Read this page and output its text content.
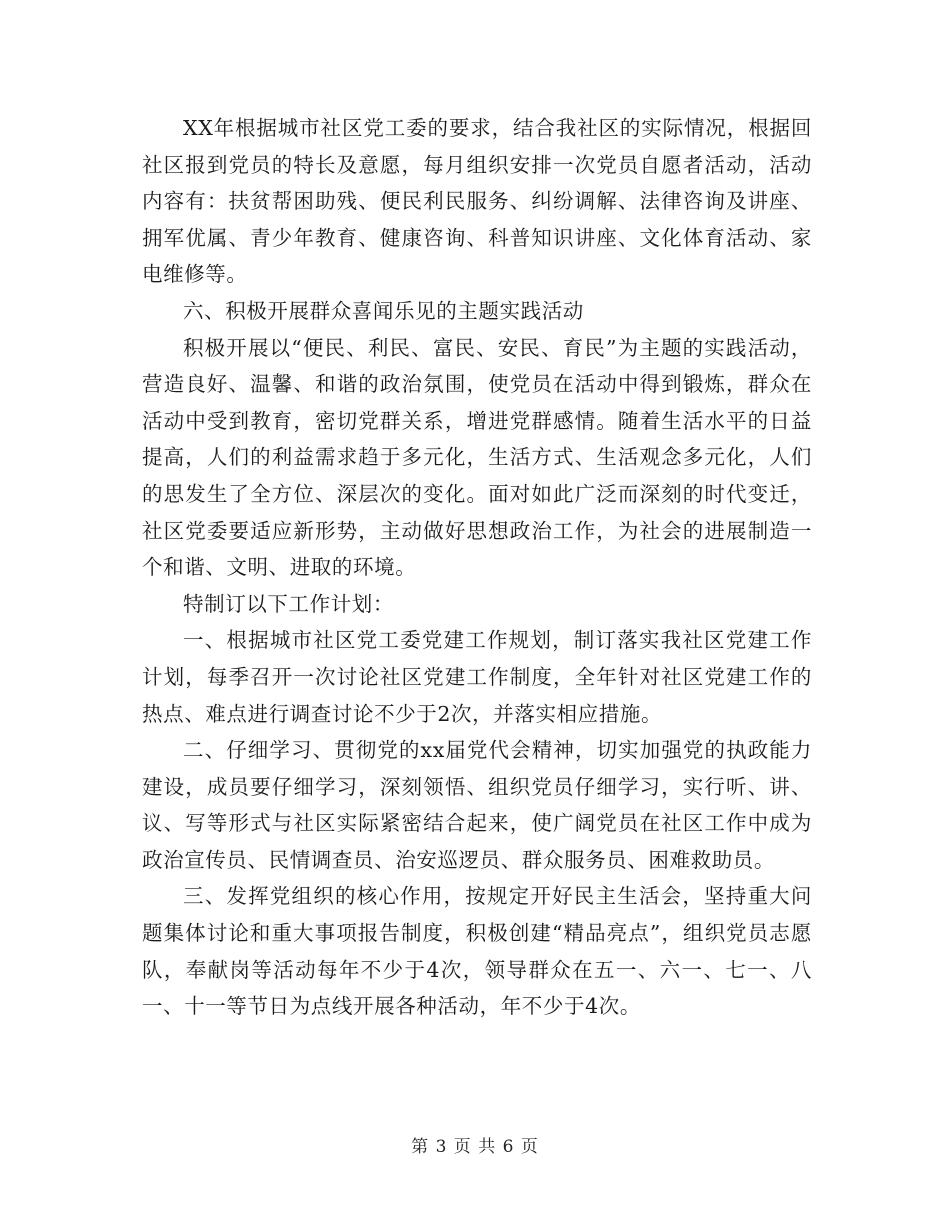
XX年根据城市社区党工委的要求，结合我社区的实际情况，根据回社区报到党员的特长及意愿，每月组织安排一次党员自愿者活动，活动内容有：扶贫帮困助残、便民利民服务、纠纷调解、法律咨询及讲座、拥军优属、青少年教育、健康咨询、科普知识讲座、文化体育活动、家电维修等。

六、积极开展群众喜闻乐见的主题实践活动

积极开展以“便民、利民、富民、安民、育民”为主题的实践活动，营造良好、温馨、和谐的政治氛围，使党员在活动中得到锻炼，群众在活动中受到教育，密切党群关系，增进党群感情。随着生活水平的日益提高，人们的利益需求趋于多元化，生活方式、生活观念多元化，人们的思发生了全方位、深层次的变化。面对如此广泛而深刻的时代变迁，社区党委要适应新形势，主动做好思想政治工作，为社会的进展制造一个和谐、文明、进取的环境。

特制订以下工作计划：

一、根据城市社区党工委党建工作规划，制订落实我社区党建工作计划，每季召开一次讨论社区党建工作制度，全年针对社区党建工作的热点、难点进行调查讨论不少于2次，并落实相应措施。

二、仔细学习、贯彻党的xx届党代会精神，切实加强党的执政能力建设，成员要仔细学习，深刻领悟、组织党员仔细学习，实行听、讲、议、写等形式与社区实际紧密结合起来，使广阔党员在社区工作中成为政治宣传员、民情调查员、治安巡逻员、群众服务员、困难救助员。

三、发挥党组织的核心作用，按规定开好民主生活会，坚持重大问题集体讨论和重大事项报告制度，积极创建“精品亮点”，组织党员志愿队，奉献岗等活动每年不少于4次，领导群众在五一、六一、七一、八一、十一等节日为点线开展各种活动，年不少于4次。

第 3 页 共 6 页
